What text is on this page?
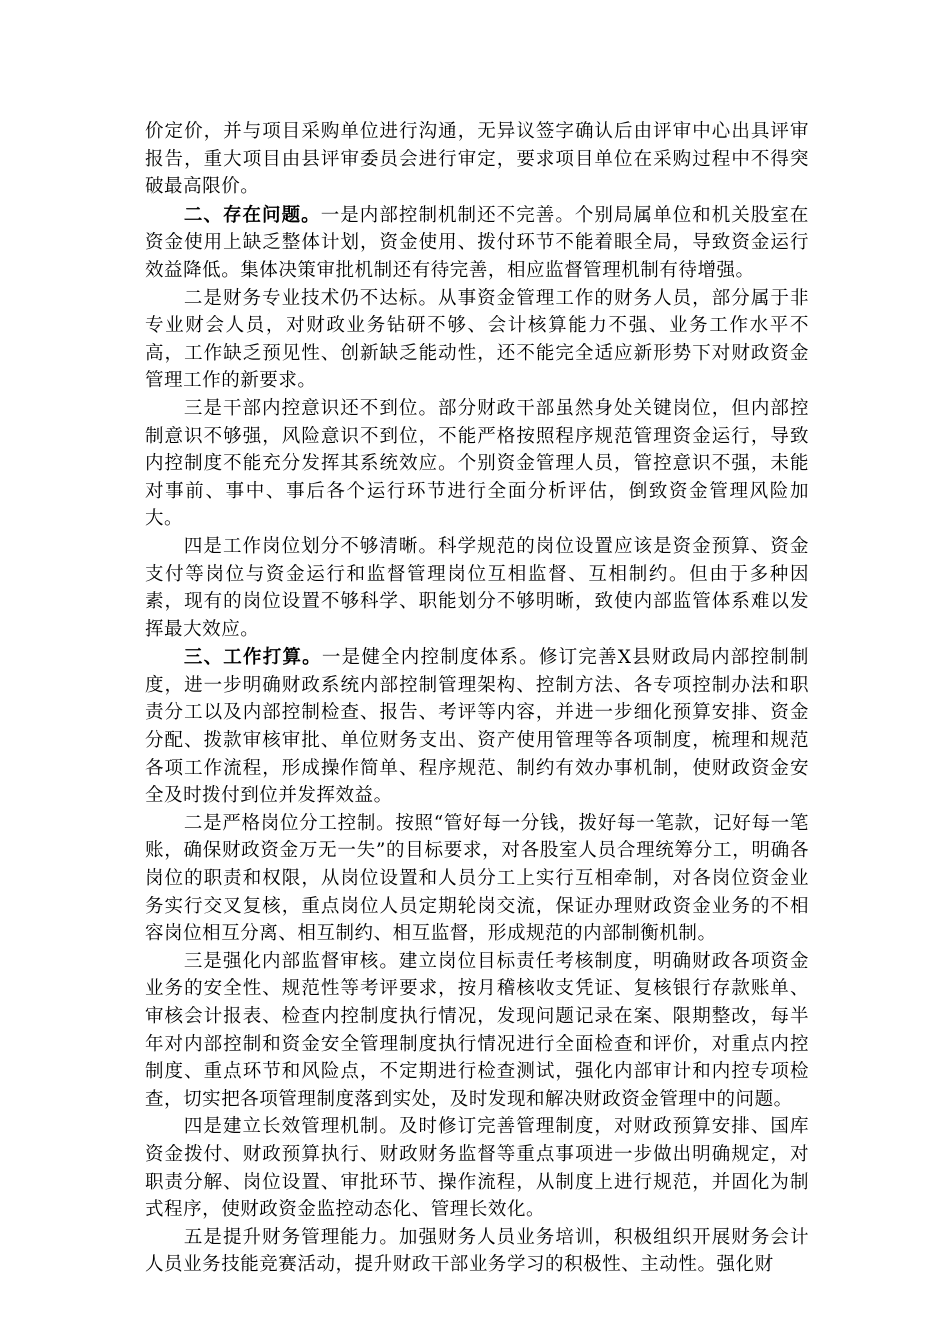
价定价，并与项目采购单位进行沟通，无异议签字确认后由评审中心出具评审报告，重大项目由县评审委员会进行审定，要求项目单位在采购过程中不得突破最高限价。

二、存在问题。一是内部控制机制还不完善。个别局属单位和机关股室在资金使用上缺乏整体计划，资金使用、拨付环节不能着眼全局，导致资金运行效益降低。集体决策审批机制还有待完善，相应监督管理机制有待增强。

二是财务专业技术仍不达标。从事资金管理工作的财务人员，部分属于非专业财会人员，对财政业务钻研不够、会计核算能力不强、业务工作水平不高，工作缺乏预见性、创新缺乏能动性，还不能完全适应新形势下对财政资金管理工作的新要求。

三是干部内控意识还不到位。部分财政干部虽然身处关键岗位，但内部控制意识不够强，风险意识不到位，不能严格按照程序规范管理资金运行，导致内控制度不能充分发挥其系统效应。个别资金管理人员，管控意识不强，未能对事前、事中、事后各个运行环节进行全面分析评估，倒致资金管理风险加大。

四是工作岗位划分不够清晰。科学规范的岗位设置应该是资金预算、资金支付等岗位与资金运行和监督管理岗位互相监督、互相制约。但由于多种因素，现有的岗位设置不够科学、职能划分不够明晰，致使内部监管体系难以发挥最大效应。

三、工作打算。一是健全内控制度体系。修订完善X县财政局内部控制制度，进一步明确财政系统内部控制管理架构、控制方法、各专项控制办法和职责分工以及内部控制检查、报告、考评等内容，并进一步细化预算安排、资金分配、拨款审核审批、单位财务支出、资产使用管理等各项制度，梳理和规范各项工作流程，形成操作简单、程序规范、制约有效办事机制，使财政资金安全及时拨付到位并发挥效益。

二是严格岗位分工控制。按照“管好每一分钱，拨好每一笔款，记好每一笔账，确保财政资金万无一失”的目标要求，对各股室人员合理统筹分工，明确各岗位的职责和权限，从岗位设置和人员分工上实行互相牵制，对各岗位资金业务实行交叉复核，重点岗位人员定期轮岗交流，保证办理财政资金业务的不相容岗位相互分离、相互制约、相互监督，形成规范的内部制衡机制。

三是强化内部监督审核。建立岗位目标责任考核制度，明确财政各项资金业务的安全性、规范性等考评要求，按月稽核收支凭证、复核银行存款账单、审核会计报表、检查内控制度执行情况，发现问题记录在案、限期整改，每半年对内部控制和资金安全管理制度执行情况进行全面检查和评价，对重点内控制度、重点环节和风险点，不定期进行检查测试，强化内部审计和内控专项检查，切实把各项管理制度落到实处，及时发现和解决财政资金管理中的问题。

四是建立长效管理机制。及时修订完善管理制度，对财政预算安排、国库资金拨付、财政预算执行、财政财务监督等重点事项进一步做出明确规定，对职责分解、岗位设置、审批环节、操作流程，从制度上进行规范，并固化为制式程序，使财政资金监控动态化、管理长效化。

五是提升财务管理能力。加强财务人员业务培训，积极组织开展财务会计人员业务技能竞赛活动，提升财政干部业务学习的积极性、主动性。强化财
